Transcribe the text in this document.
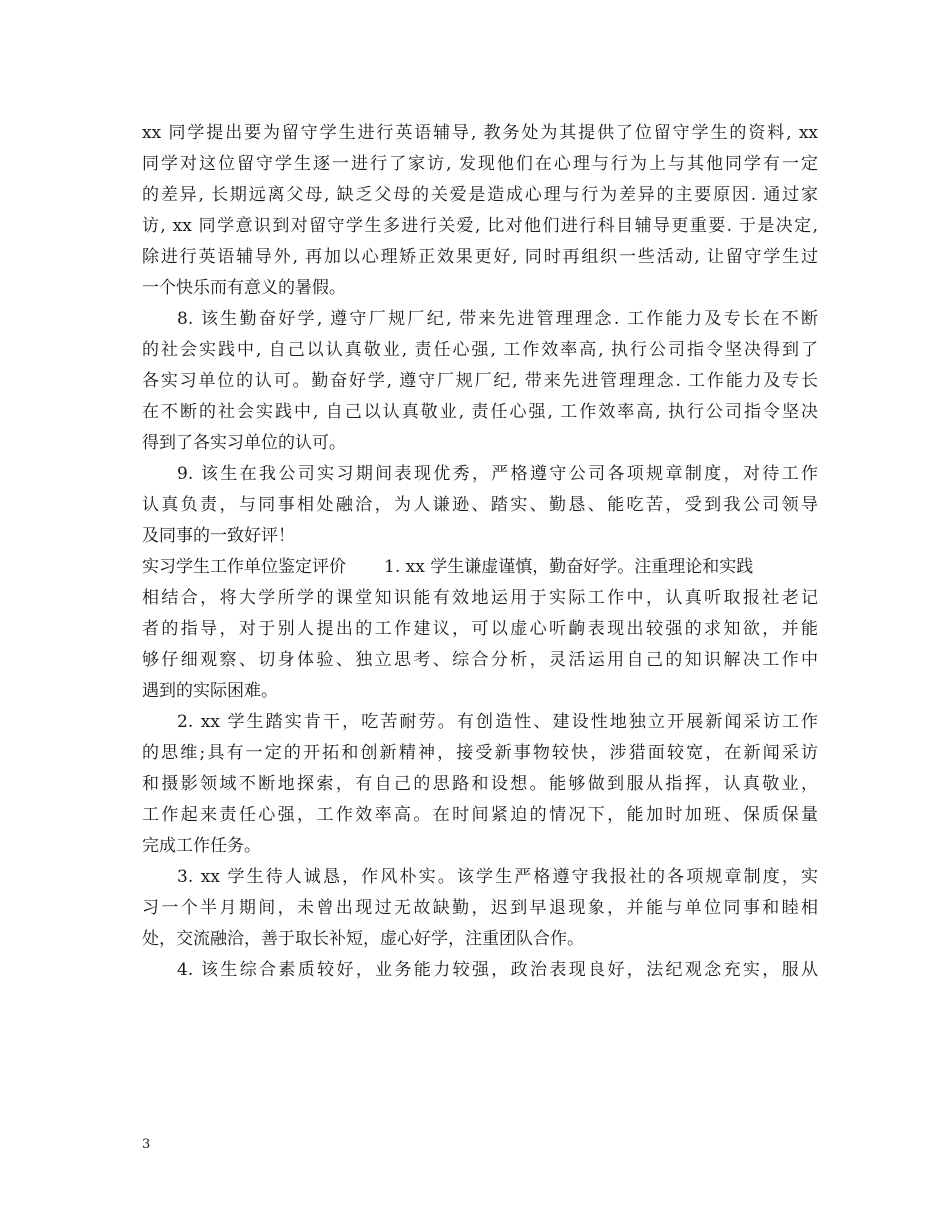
xx 同学提出要为留守学生进行英语辅导, 教务处为其提供了位留守学生的资料, xx
同学对这位留守学生逐一进行了家访, 发现他们在心理与行为上与其他同学有一定
的差异, 长期远离父母, 缺乏父母的关爱是造成心理与行为差异的主要原因. 通过家
访, xx 同学意识到对留守学生多进行关爱, 比对他们进行科目辅导更重要. 于是决定,
除进行英语辅导外, 再加以心理矫正效果更好, 同时再组织一些活动, 让留守学生过
一个快乐而有意义的暑假。
8. 该生勤奋好学, 遵守厂规厂纪, 带来先进管理理念. 工作能力及专长在不断
的社会实践中, 自己以认真敬业, 责任心强, 工作效率高, 执行公司指令坚决得到了
各实习单位的认可。勤奋好学, 遵守厂规厂纪, 带来先进管理理念. 工作能力及专长
在不断的社会实践中, 自己以认真敬业, 责任心强, 工作效率高, 执行公司指令坚决
得到了各实习单位的认可。
9. 该生在我公司实习期间表现优秀，严格遵守公司各项规章制度，对待工作
认真负责，与同事相处融洽，为人谦逊、踏实、勤恳、能吃苦，受到我公司领导
及同事的一致好评！
实习学生工作单位鉴定评价 1. xx 学生谦虚谨慎，勤奋好学。注重理论和实践
相结合，将大学所学的课堂知识能有效地运用于实际工作中，认真听取报社老记
者的指导，对于别人提出的工作建议，可以虚心听齣表现出较强的求知欲，并能
够仔细观察、切身体验、独立思考、综合分析，灵活运用自己的知识解决工作中
遇到的实际困难。
2. xx 学生踏实肯干，吃苦耐劳。有创造性、建设性地独立开展新闻采访工作
的思维;具有一定的开拓和创新精神，接受新事物较快，涉猎面较宽，在新闻采访
和摄影领域不断地探索，有自己的思路和设想。能够做到服从指挥，认真敬业，
工作起来责任心强，工作效率高。在时间紧迫的情况下，能加时加班、保质保量
完成工作任务。
3. xx 学生待人诚恳，作风朴实。该学生严格遵守我报社的各项规章制度，实
习一个半月期间，未曾出现过无故缺勤，迟到早退现象，并能与单位同事和睦相
处，交流融洽，善于取长补短，虚心好学，注重团队合作。
4. 该生综合素质较好，业务能力较强，政治表现良好，法纪观念充实，服从
3
